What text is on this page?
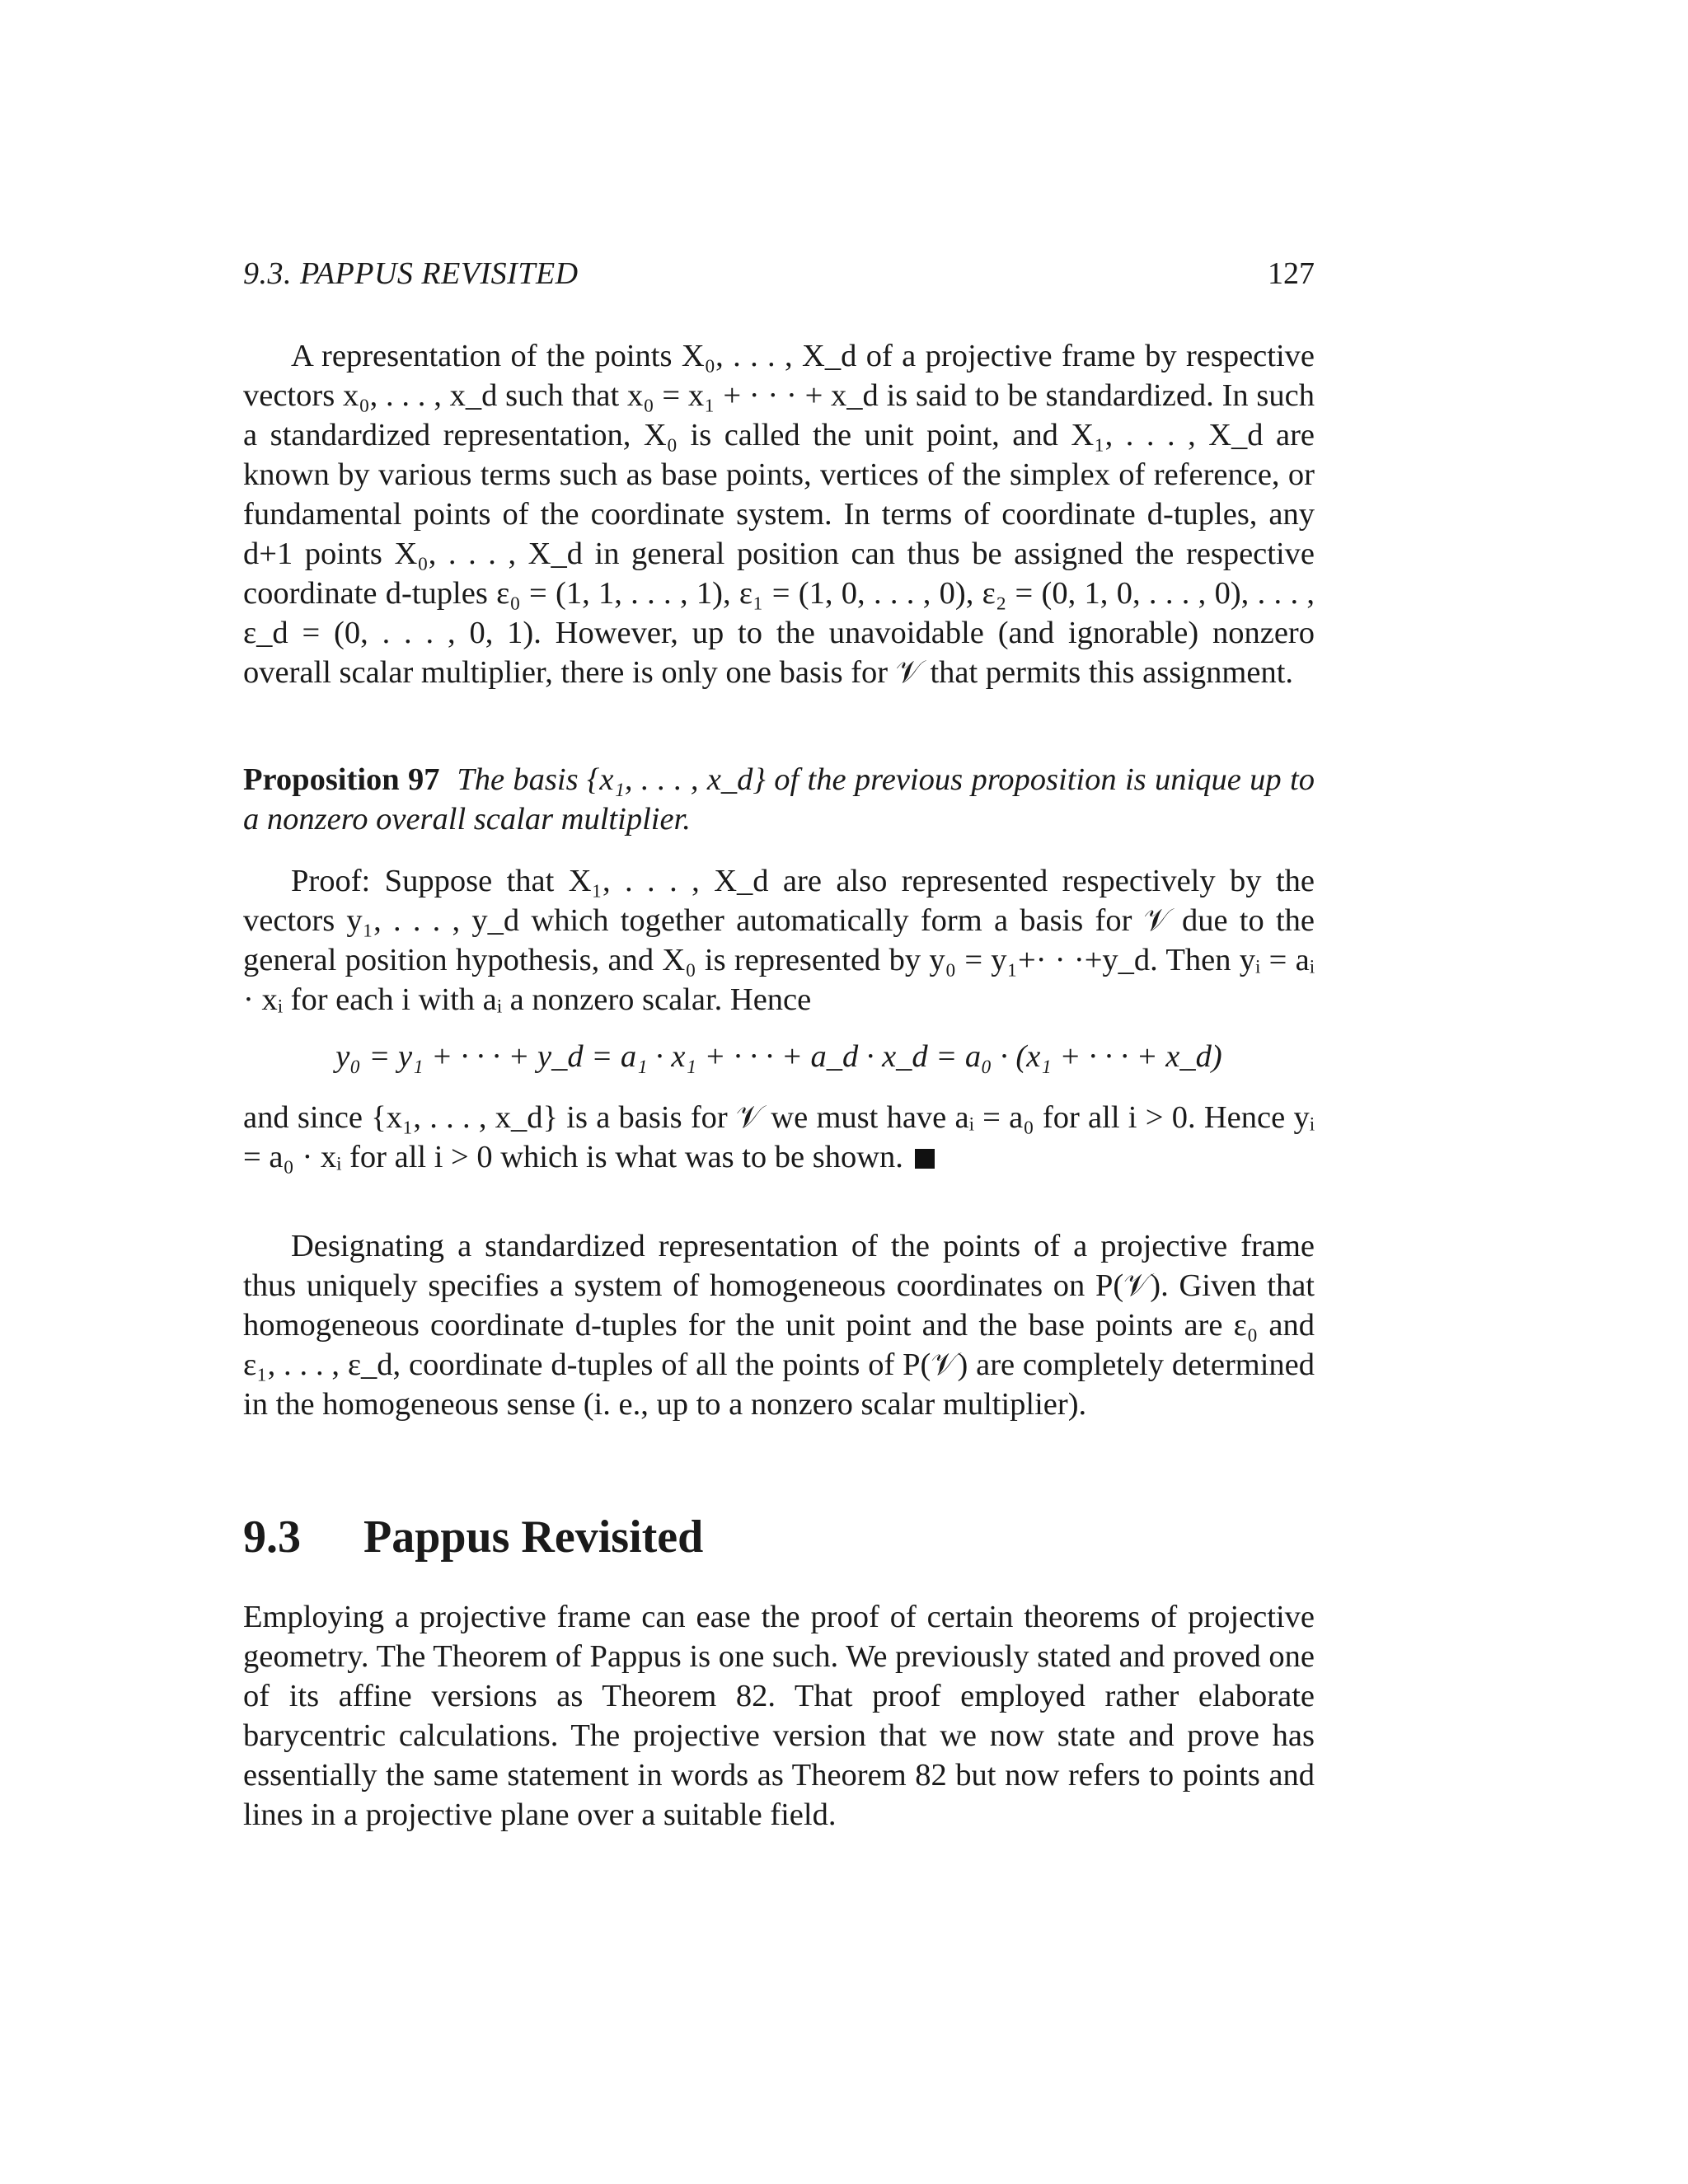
9.3. PAPPUS REVISITED	127
A representation of the points X₀, . . . , X_d of a projective frame by respective vectors x₀, . . . , x_d such that x₀ = x₁ + · · · + x_d is said to be standardized. In such a standardized representation, X₀ is called the unit point, and X₁, . . . , X_d are known by various terms such as base points, vertices of the simplex of reference, or fundamental points of the coordinate system. In terms of coordinate d-tuples, any d+1 points X₀, . . . , X_d in general position can thus be assigned the respective coordinate d-tuples ε₀ = (1, 1, . . . , 1), ε₁ = (1, 0, . . . , 0), ε₂ = (0, 1, 0, . . . , 0), . . . , ε_d = (0, . . . , 0, 1). However, up to the unavoidable (and ignorable) nonzero overall scalar multiplier, there is only one basis for 𝒱 that permits this assignment.
Proposition 97 The basis {x₁, . . . , x_d} of the previous proposition is unique up to a nonzero overall scalar multiplier.
Proof: Suppose that X₁, . . . , X_d are also represented respectively by the vectors y₁, . . . , y_d which together automatically form a basis for 𝒱 due to the general position hypothesis, and X₀ is represented by y₀ = y₁+· · ·+y_d. Then yᵢ = aᵢ · xᵢ for each i with aᵢ a nonzero scalar. Hence
y₀ = y₁ + · · · + y_d = a₁ · x₁ + · · · + a_d · x_d = a₀ · (x₁ + · · · + x_d)
and since {x₁, . . . , x_d} is a basis for 𝒱 we must have aᵢ = a₀ for all i > 0. Hence yᵢ = a₀ · xᵢ for all i > 0 which is what was to be shown.
Designating a standardized representation of the points of a projective frame thus uniquely specifies a system of homogeneous coordinates on P(𝒱). Given that homogeneous coordinate d-tuples for the unit point and the base points are ε₀ and ε₁, . . . , ε_d, coordinate d-tuples of all the points of P(𝒱) are completely determined in the homogeneous sense (i. e., up to a nonzero scalar multiplier).
9.3 Pappus Revisited
Employing a projective frame can ease the proof of certain theorems of projective geometry. The Theorem of Pappus is one such. We previously stated and proved one of its affine versions as Theorem 82. That proof employed rather elaborate barycentric calculations. The projective version that we now state and prove has essentially the same statement in words as Theorem 82 but now refers to points and lines in a projective plane over a suitable field.
